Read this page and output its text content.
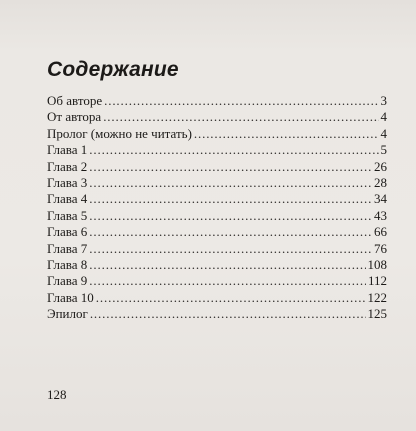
Содержание
Об авторе . . .	3
От автора . . .	4
Пролог (можно не читать) . . .	4
Глава 1 . . .	5
Глава 2 . . .	26
Глава 3 . . .	28
Глава 4 . . .	34
Глава 5 . . .	43
Глава 6 . . .	66
Глава 7 . . .	76
Глава 8 . . .	108
Глава 9 . . .	112
Глава 10 . . .	122
Эпилог . . .	125
128
